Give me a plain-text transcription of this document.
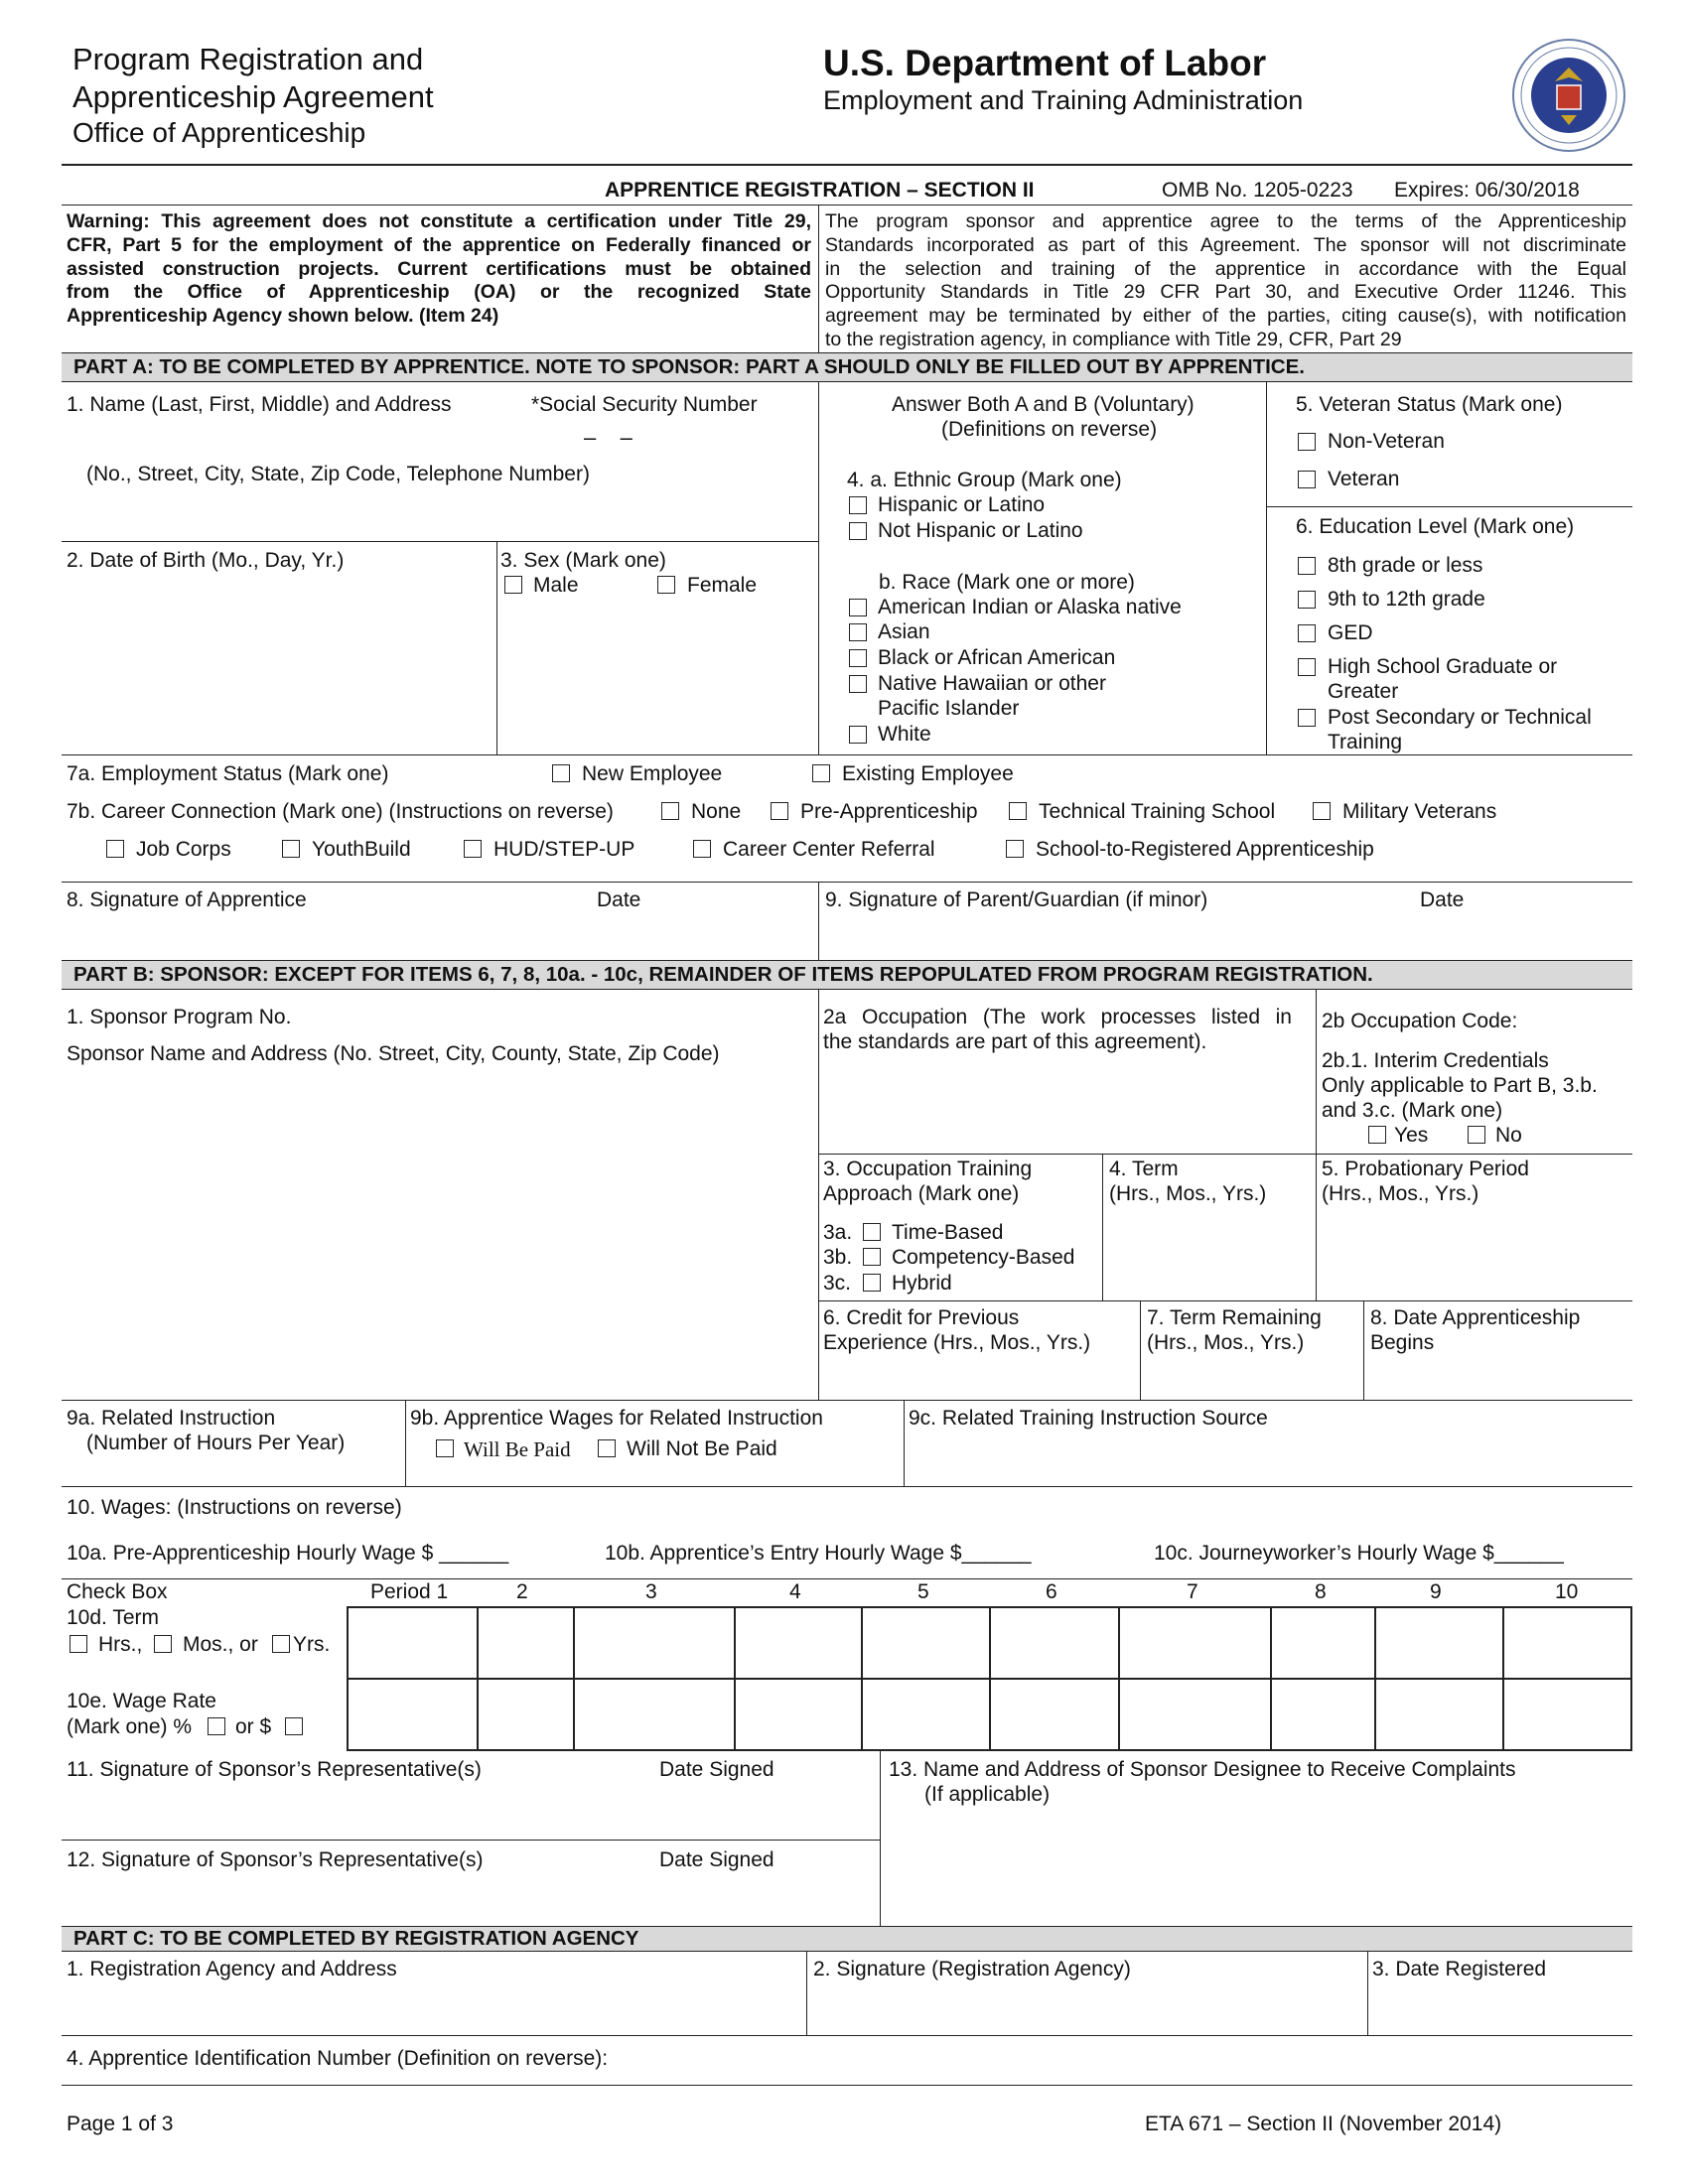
Program Registration and
Apprenticeship Agreement
Office of Apprenticeship
U.S. Department of Labor
Employment and Training Administration
APPRENTICE REGISTRATION – SECTION II	OMB No. 1205-0223 Expires: 06/30/2018
Warning: This agreement does not constitute a certification under Title 29,
CFR, Part 5 for the employment of the apprentice on Federally financed or
assisted construction projects. Current certifications must be obtained
from the Office of Apprenticeship (OA) or the recognized State
Apprenticeship Agency shown below. (Item 24)
The program sponsor and apprentice agree to the terms of the Apprenticeship
Standards incorporated as part of this Agreement. The sponsor will not discriminate
in the selection and training of the apprentice in accordance with the Equal
Opportunity Standards in Title 29 CFR Part 30, and Executive Order 11246. This
agreement may be terminated by either of the parties, citing cause(s), with notification
to the registration agency, in compliance with Title 29, CFR, Part 29
PART A: TO BE COMPLETED BY APPRENTICE. NOTE TO SPONSOR: PART A SHOULD ONLY BE FILLED OUT BY APPRENTICE.
1. Name (Last, First, Middle) and Address	*Social Security Number
–    –
(No., Street, City, State, Zip Code, Telephone Number)
2. Date of Birth (Mo., Day, Yr.)	3. Sex (Mark one)
Male	Female
Answer Both A and B (Voluntary)
(Definitions on reverse)
4. a. Ethnic Group (Mark one)
Hispanic or Latino
Not Hispanic or Latino
b. Race (Mark one or more)
American Indian or Alaska native
Asian
Black or African American
Native Hawaiian or other
Pacific Islander
White
5. Veteran Status (Mark one)
Non-Veteran
Veteran
6. Education Level (Mark one)
8th grade or less
9th to 12th grade
GED
High School Graduate or
Greater
Post Secondary or Technical
Training
7a. Employment Status (Mark one)	New Employee	Existing Employee
7b. Career Connection (Mark one) (Instructions on reverse)	None	Pre-Apprenticeship	Technical Training School	Military Veterans
Job Corps	YouthBuild	HUD/STEP-UP	Career Center Referral	School-to-Registered Apprenticeship
8. Signature of Apprentice	Date	9. Signature of Parent/Guardian (if minor)	Date
PART B: SPONSOR: EXCEPT FOR ITEMS 6, 7, 8, 10a. - 10c, REMAINDER OF ITEMS REPOPULATED FROM PROGRAM REGISTRATION.
1. Sponsor Program No.
Sponsor Name and Address (No. Street, City, County, State, Zip Code)
2a Occupation (The work processes listed in
the standards are part of this agreement).
2b Occupation Code:
2b.1. Interim Credentials
Only applicable to Part B, 3.b.
and 3.c. (Mark one)
Yes	No
3. Occupation Training
Approach (Mark one)
3a. Time-Based
3b. Competency-Based
3c. Hybrid
4. Term
(Hrs., Mos., Yrs.)
5. Probationary Period
(Hrs., Mos., Yrs.)
6. Credit for Previous
Experience (Hrs., Mos., Yrs.)
7. Term Remaining
(Hrs., Mos., Yrs.)
8. Date Apprenticeship
Begins
9a. Related Instruction
(Number of Hours Per Year)
9b. Apprentice Wages for Related Instruction
Will Be Paid	Will Not Be Paid
9c. Related Training Instruction Source
10. Wages: (Instructions on reverse)
10a. Pre-Apprenticeship Hourly Wage $ ______	10b. Apprentice’s Entry Hourly Wage $______	10c. Journeyworker’s Hourly Wage $______
Check Box	Period 1	2	3	4	5	6	7	8	9	10
10d. Term
Hrs., Mos., or Yrs.
10e. Wage Rate
(Mark one) % or $
11. Signature of Sponsor’s Representative(s)	Date Signed
12. Signature of Sponsor’s Representative(s)	Date Signed
13. Name and Address of Sponsor Designee to Receive Complaints
(If applicable)
PART C: TO BE COMPLETED BY REGISTRATION AGENCY
1. Registration Agency and Address	2. Signature (Registration Agency)	3. Date Registered
4. Apprentice Identification Number (Definition on reverse):
Page 1 of 3	ETA 671 – Section II (November 2014)
